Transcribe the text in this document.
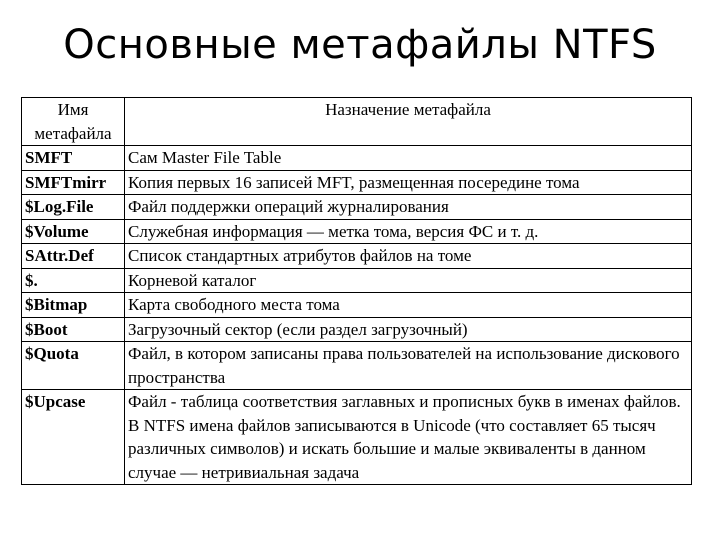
Основные метафайлы NTFS
Имя метафайла	Назначение метафайла
SMFT	Сам Master File Table
SMFTmirr	Копия первых 16 записей MFT, размещенная посередине тома
$Log.File	Файл поддержки операций журналирования
$Volume	Служебная информация — метка тома, версия ФС и т. д.
SAttr.Def	Список стандартных атрибутов файлов на томе
$.	Корневой каталог
$Bitmap	Карта свободного места тома
$Boot	Загрузочный сектор (если раздел загрузочный)
$Quota	Файл, в котором записаны права пользователей на использование дискового пространства
$Upcase	Файл - таблица соответствия заглавных и прописных букв в именах файлов. В NTFS имена файлов записываются в Unicode (что составляет 65 тысяч различных символов) и искать большие и малые эквиваленты в данном случае — нетривиальная задача
